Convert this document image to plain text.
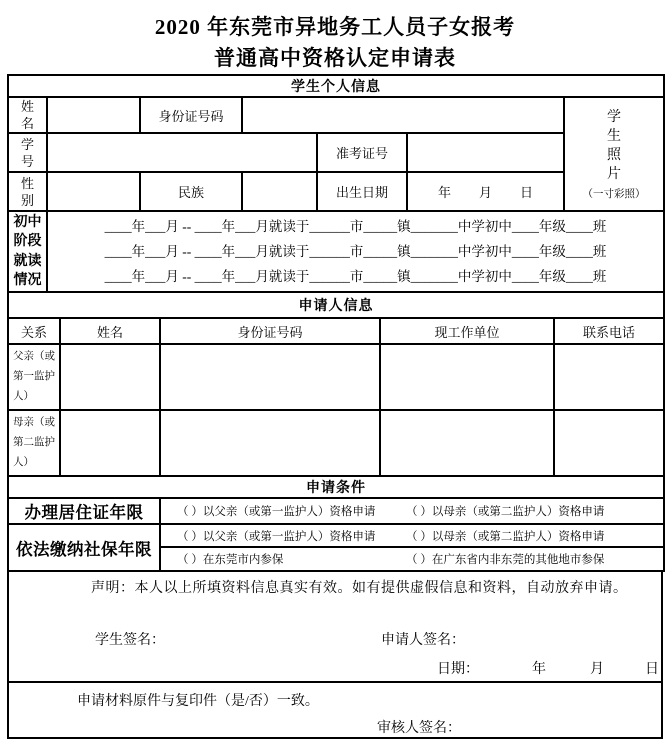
2020 年东莞市异地务工人员子女报考
普通高中资格认定申请表
学生个人信息						

姓名		身份证号码				学生照片
（一寸彩照）

学号				准考证号		

性别		民族		出生日期	年 月 日	
初中阶段就读情况

____年___月 -- ____年___月就读于______市_____镇_______中学初中____年级____班
____年___月 -- ____年___月就读于______市_____镇_______中学初中____年级____班
____年___月 -- ____年___月就读于______市_____镇_______中学初中____年级____班
申请人信息				
关系	姓名	身份证号码	现工作单位	联系电话
父亲（或第一监护人）				
母亲（或第二监护人）				
申请条件	
办理居住证年限	（ ）以父亲（或第一监护人）资格申请 （ ）以母亲（或第二监护人）资格申请
依法缴纳社保年限	（ ）以父亲（或第一监护人）资格申请 （ ）以母亲（或第二监护人）资格申请
	（ ）在东莞市内参保 （ ）在广东省内非东莞的其他地市参保
声明：本人以上所填资料信息真实有效。如有提供虚假信息和资料，自动放弃申请。
学生签名：	申请人签名：
日期：	年	月	日
申请材料原件与复印件（是/否）一致。
审核人签名：
